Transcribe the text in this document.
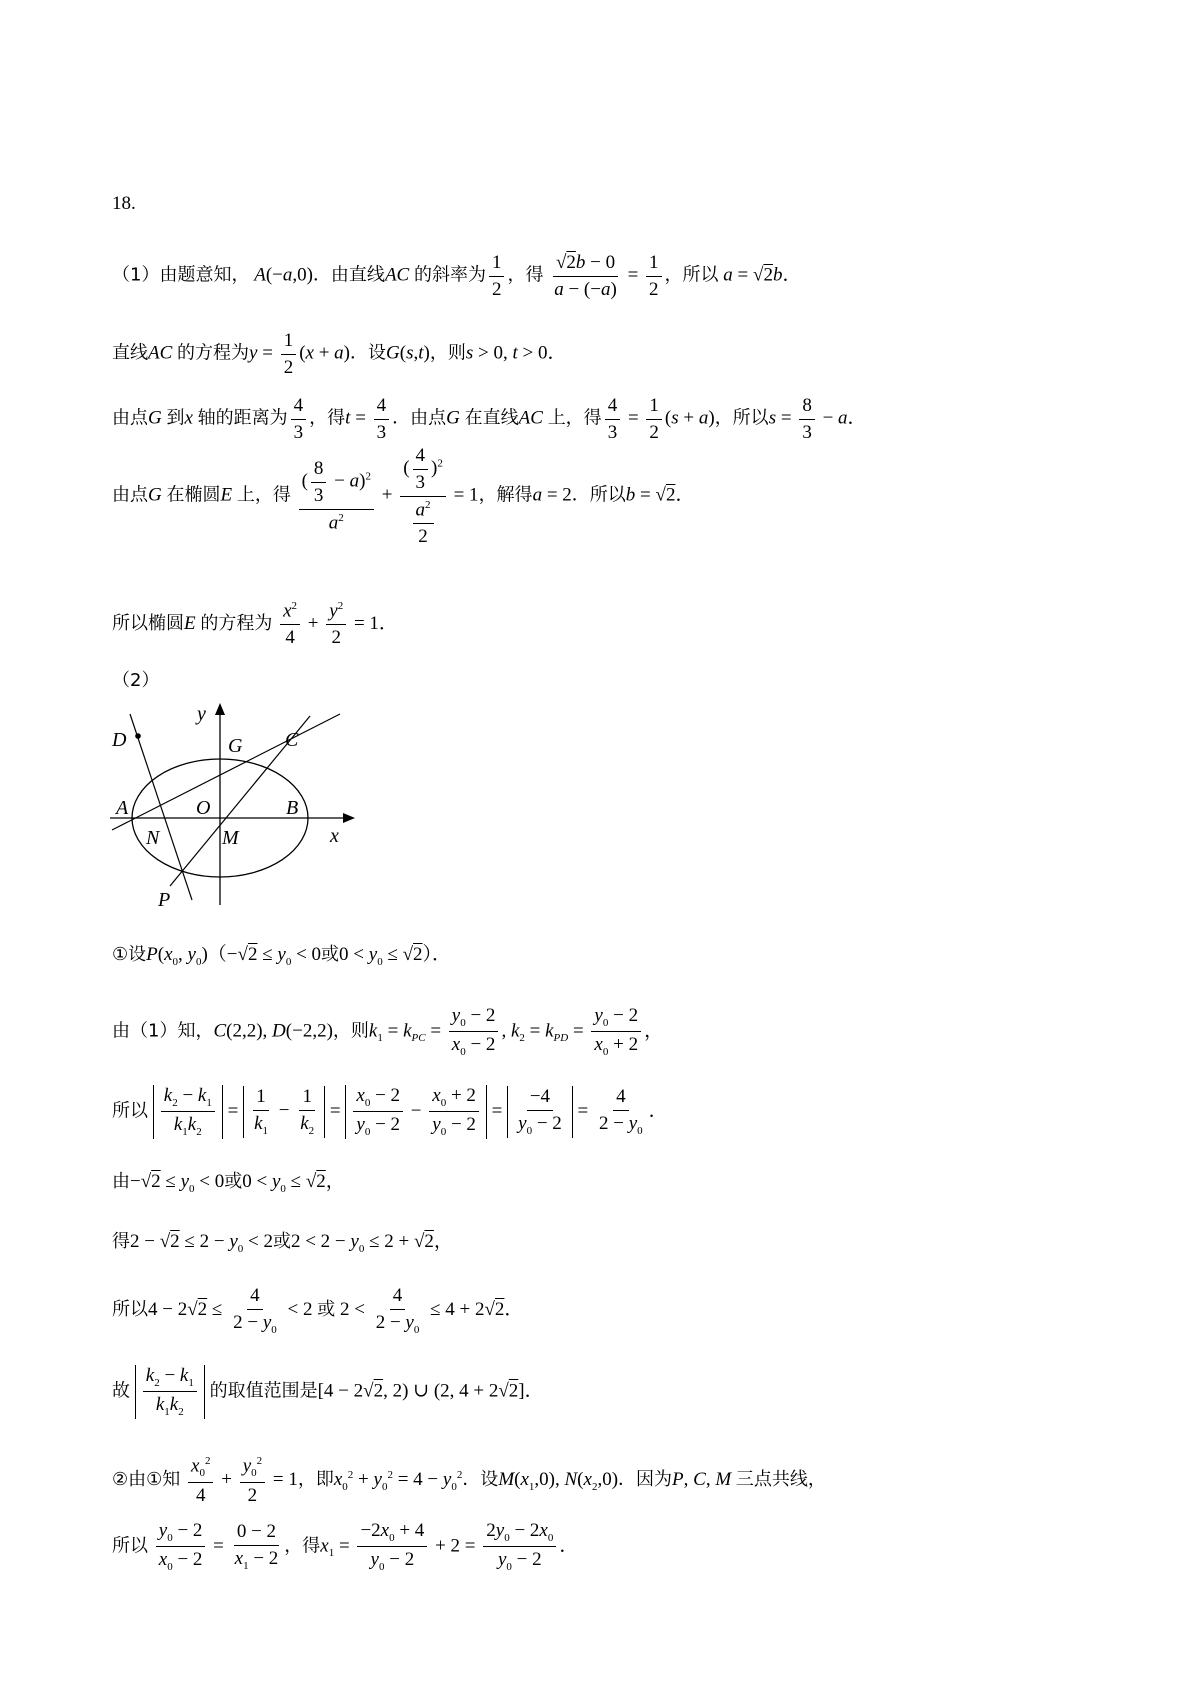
18.
（1）由题意知， A(−a,0)．由直线AC 的斜率为 $\frac{1}{2}$ ，得 $\frac{√2b - 0}{a - (-a)} = \frac{1}{2}$ ，所以 a = √2b．
直线AC 的方程为$y = \frac{1}{2} (x + a)$．设G(s,t)，则s > 0, t > 0．
由点G 到x 轴的距离为 $\frac{4}{3}$ ，得$t = \frac{4}{3}$ ．由点G 在直线AC 上，得 $\frac{4}{3} = \frac{1}{2} (s + a)$，所以$s = \frac{8}{3} - a$．
由点G 在椭圆E 上，得 $\frac{( \frac{8}{3} - a)^2}{a^2} + \frac{( \frac{4}{3} )^2}{\frac{a^2}{2}} = 1$，解得a = 2．所以b = √2．
所以椭圆E 的方程为 $\frac{x^2}{4} + \frac{y^2}{2} = 1$．
（2）
y
x
D	G C
A	O	B
N	M
P
①设$P(x_0$, $y_0)(-√2 \le y_0 < 0$或$0 < y_0 \le √2$）．
由（1）知，C(2,2), D(−2,2)，则$k_1 = k_{PC} = \frac{y_0 - 2}{x_0 - 2}$ , $k_2 = k_{PD} = \frac{y_0 - 2}{x_0 + 2}$ ，
所以 $\frac{k_2 - k_1}{k_1k_2} = \frac{1}{k_1} - \frac{1}{k_2} = \frac{x_0 - 2}{y_0 - 2} - \frac{x_0 + 2}{y_0 - 2} = \frac{-4}{y_0 - 2} = \frac{4}{2 - y_0}$ ．
由$-√2 \le y_0 < 0$或$0 < y_0 \le √2$，
得$2 - √2 \le 2 - y_0 < 2$或$2 < 2 - y_0 \le 2 + √2$，
所以$4 - 2√2 \le \frac{4}{2 - y_0} < 2$ 或 $2 < \frac{4}{2 - y_0} \le 4 + 2√2$．
故 $\frac{k_2 - k_1}{k_1k_2}$ 的取值范围是[4 − 2√2, 2) ∪ (2, 4 + 2√2]．
②由①知 $\frac{x_0^2}{4} + \frac{y_0^2}{2} = 1$，即$x_0^2 + y_0^2 = 4 - y_0^2$．设$M(x_1,0)$, $N(x_2,0)$．因为P, C, M 三点共线，
所以 $\frac{y_0 - 2}{x_0 - 2} = \frac{0 - 2}{x_1 - 2}$ ，得$x_1 = \frac{-2x_0 + 4}{y_0 - 2} + 2 = \frac{2y_0 - 2x_0}{y_0 - 2}$ ．
